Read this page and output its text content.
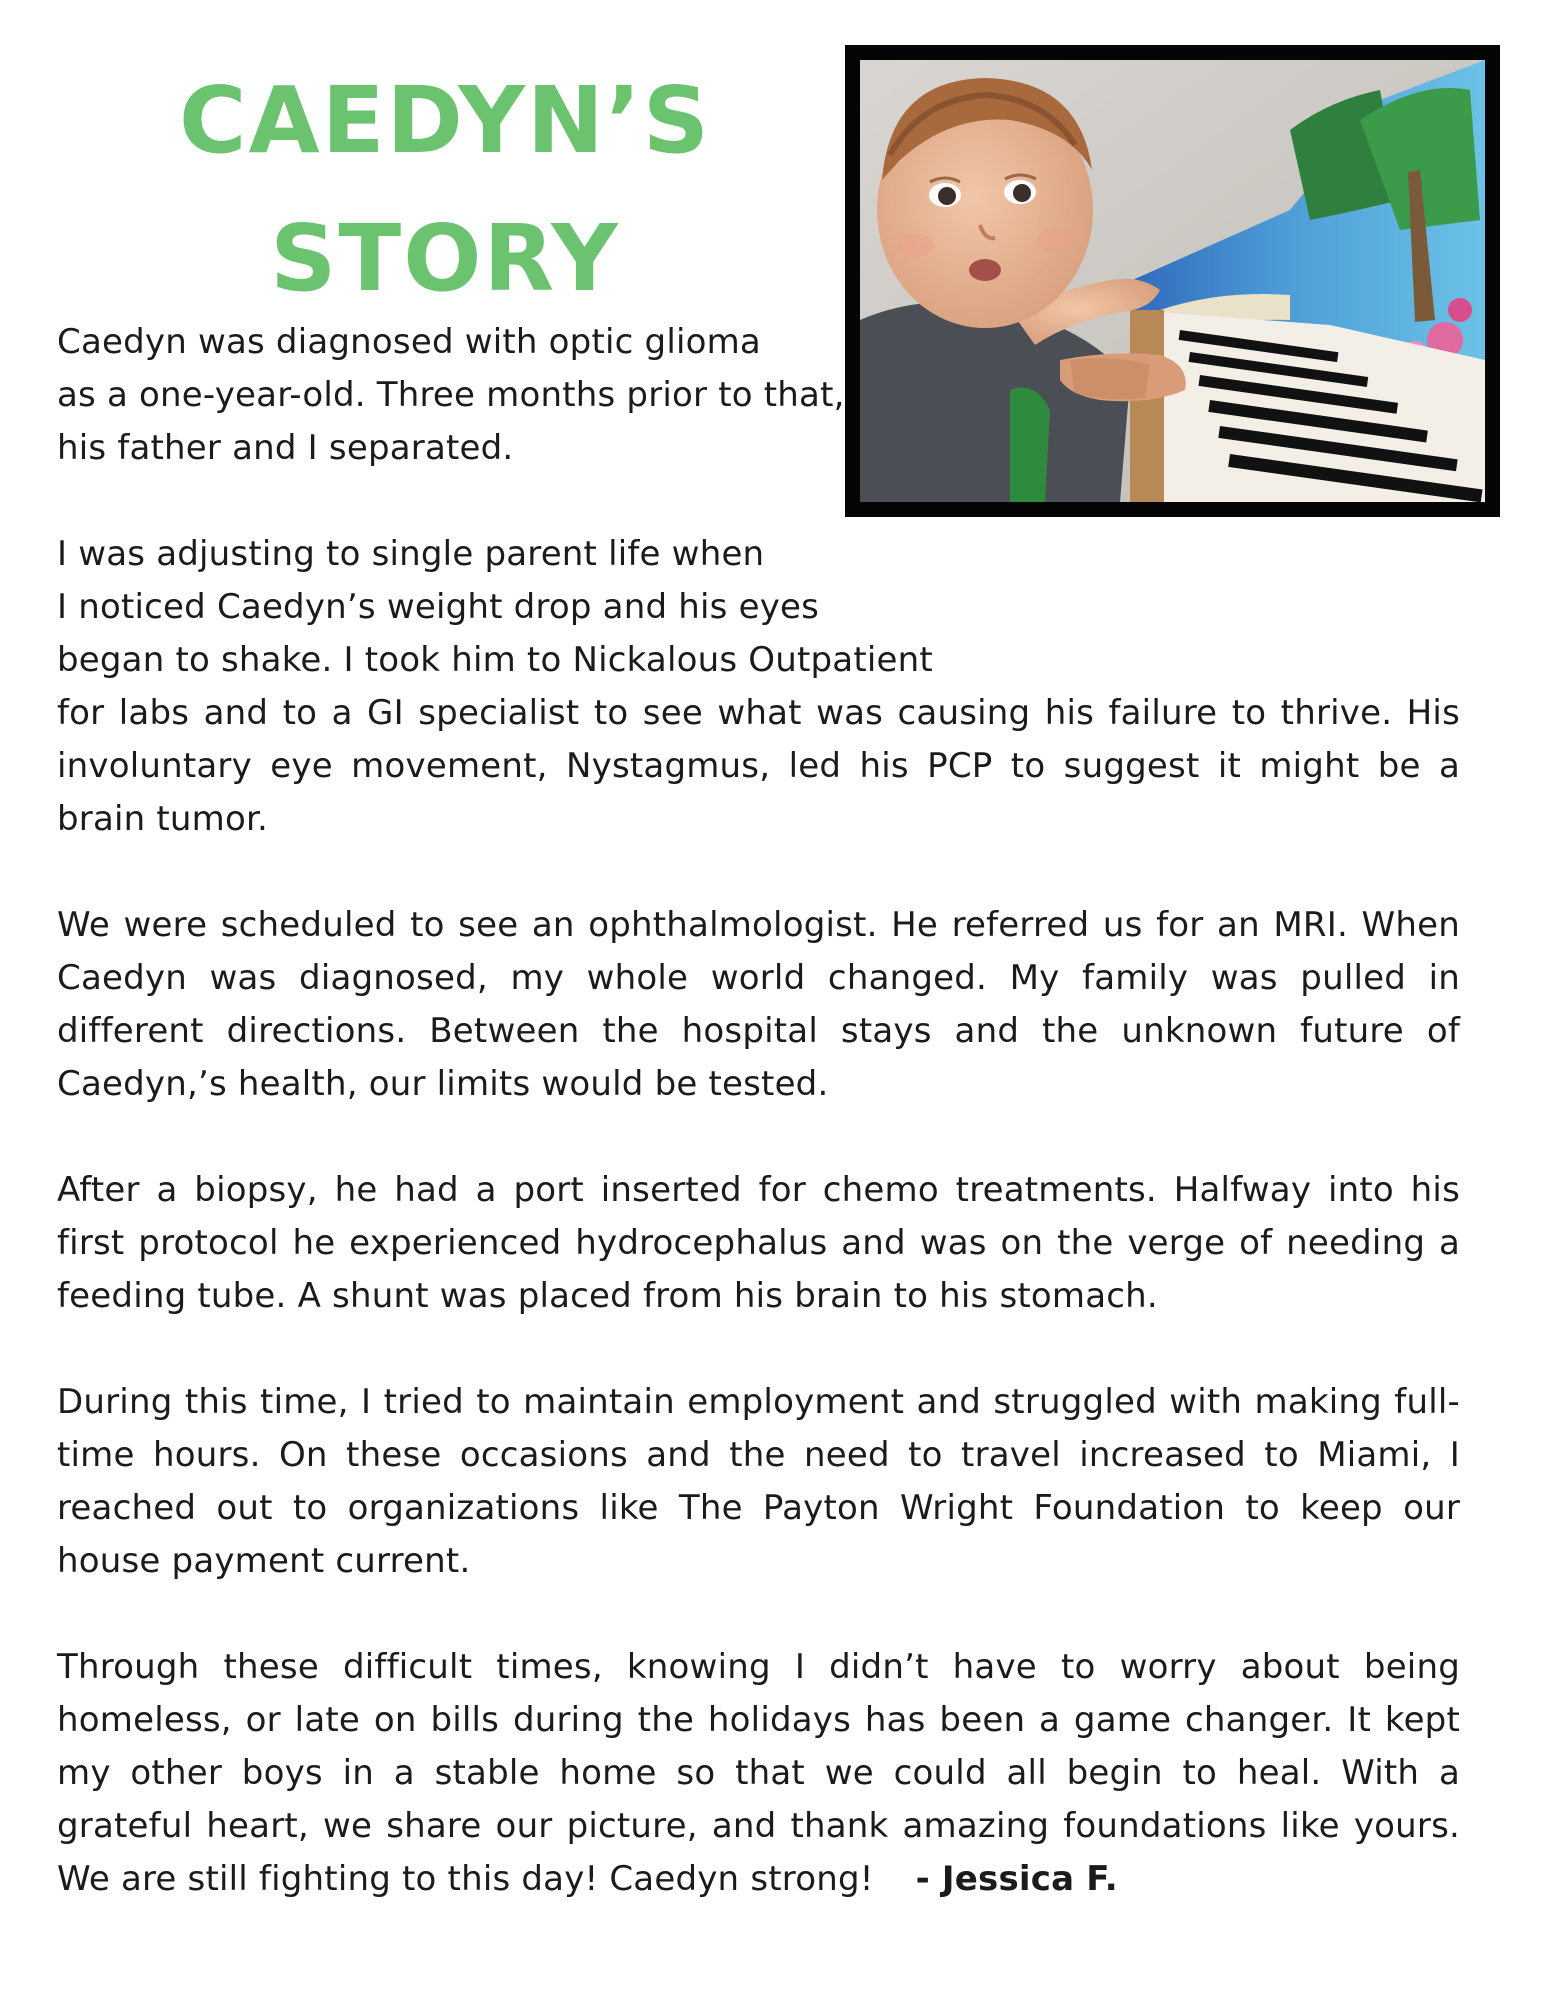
CAEDYN’S
STORY
Caedyn was diagnosed with optic glioma
as a one-year-old. Three months prior to that,
his father and I separated.
I was adjusting to single parent life when
I noticed Caedyn’s weight drop and his eyes
began to shake. I took him to Nickalous Outpatient
for labs and to a GI specialist to see what was causing his failure to thrive. His involuntary eye movement, Nystagmus, led his PCP to suggest it might be a brain tumor.

We were scheduled to see an ophthalmologist. He referred us for an MRI. When Caedyn was diagnosed, my whole world changed. My family was pulled in different directions. Between the hospital stays and the unknown future of Caedyn,’s health, our limits would be tested.

After a biopsy, he had a port inserted for chemo treatments. Halfway into his first protocol he experienced hydrocephalus and was on the verge of needing a feeding tube. A shunt was placed from his brain to his stomach.

During this time, I tried to maintain employment and struggled with making full-time hours. On these occasions and the need to travel increased to Miami, I reached out to organizations like The Payton Wright Foundation to keep our house payment current.

Through these difficult times, knowing I didn’t have to worry about being homeless, or late on bills during the holidays has been a game changer. It kept my other boys in a stable home so that we could all begin to heal. With a grateful heart, we share our picture, and thank amazing foundations like yours. We are still fighting to this day! Caedyn strong! - Jessica F.
